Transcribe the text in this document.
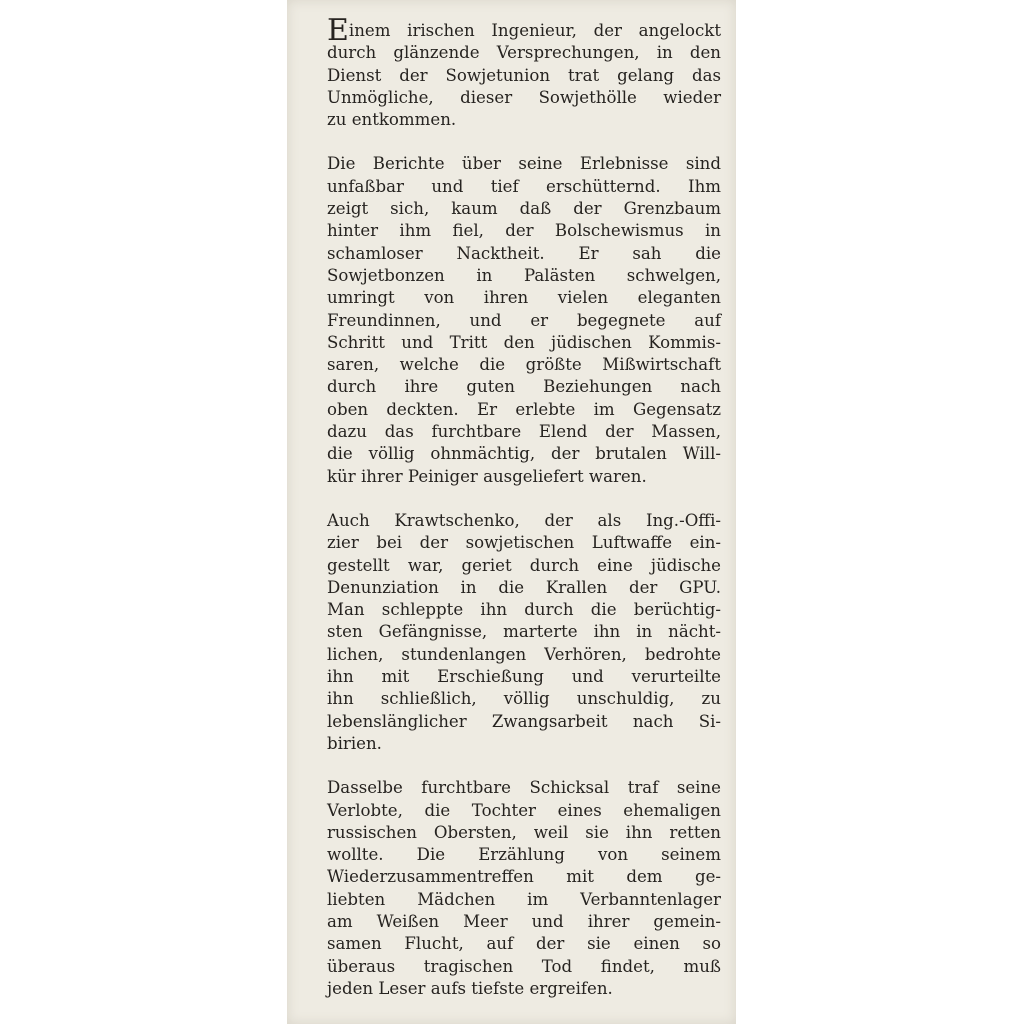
Einem irischen Ingenieur, der angelockt
durch glänzende Versprechungen, in den
Dienst der Sowjetunion trat gelang das
Unmögliche, dieser Sowjethölle wieder
zu entkommen.
Die Berichte über seine Erlebnisse sind
unfaßbar und tief erschütternd. Ihm
zeigt sich, kaum daß der Grenzbaum
hinter ihm fiel, der Bolschewismus in
schamloser Nacktheit. Er sah die
Sowjetbonzen in Palästen schwelgen,
umringt von ihren vielen eleganten
Freundinnen, und er begegnete auf
Schritt und Tritt den jüdischen Kommis-
saren, welche die größte Mißwirtschaft
durch ihre guten Beziehungen nach
oben deckten. Er erlebte im Gegensatz
dazu das furchtbare Elend der Massen,
die völlig ohnmächtig, der brutalen Will-
kür ihrer Peiniger ausgeliefert waren.
Auch Krawtschenko, der als Ing.-Offi-
zier bei der sowjetischen Luftwaffe ein-
gestellt war, geriet durch eine jüdische
Denunziation in die Krallen der GPU.
Man schleppte ihn durch die berüchtig-
sten Gefängnisse, marterte ihn in nächt-
lichen, stundenlangen Verhören, bedrohte
ihn mit Erschießung und verurteilte
ihn schließlich, völlig unschuldig, zu
lebenslänglicher Zwangsarbeit nach Si-
birien.
Dasselbe furchtbare Schicksal traf seine
Verlobte, die Tochter eines ehemaligen
russischen Obersten, weil sie ihn retten
wollte. Die Erzählung von seinem
Wiederzusammentreffen mit dem ge-
liebten Mädchen im Verbanntenlager
am Weißen Meer und ihrer gemein-
samen Flucht, auf der sie einen so
überaus tragischen Tod findet, muß
jeden Leser aufs tiefste ergreifen.
